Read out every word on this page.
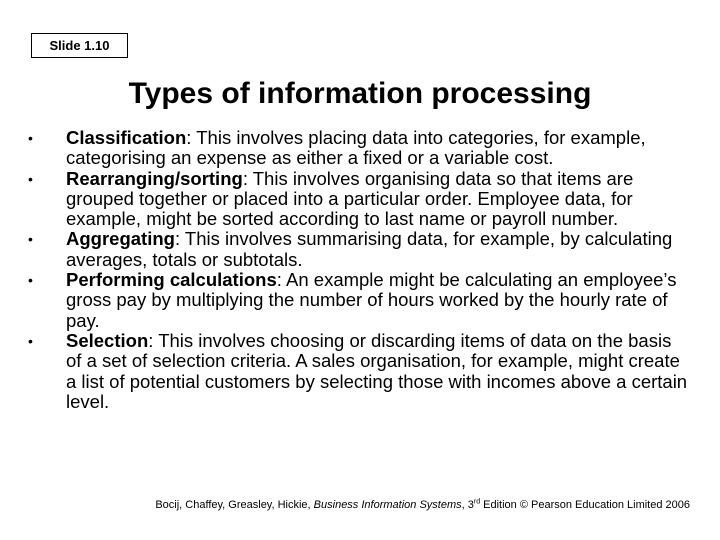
Slide 1.10
Types of information processing
•	Classification: This involves placing data into categories, for example, categorising an expense as either a fixed or a variable cost.
•	Rearranging/sorting: This involves organising data so that items are grouped together or placed into a particular order. Employee data, for example, might be sorted according to last name or payroll number.
•	Aggregating: This involves summarising data, for example, by calculating averages, totals or subtotals.
•	Performing calculations: An example might be calculating an employee’s gross pay by multiplying the number of hours worked by the hourly rate of pay.
•	Selection: This involves choosing or discarding items of data on the basis of a set of selection criteria. A sales organisation, for example, might create a list of potential customers by selecting those with incomes above a certain level.
Bocij, Chaffey, Greasley, Hickie, Business Information Systems, 3rd Edition © Pearson Education Limited 2006
